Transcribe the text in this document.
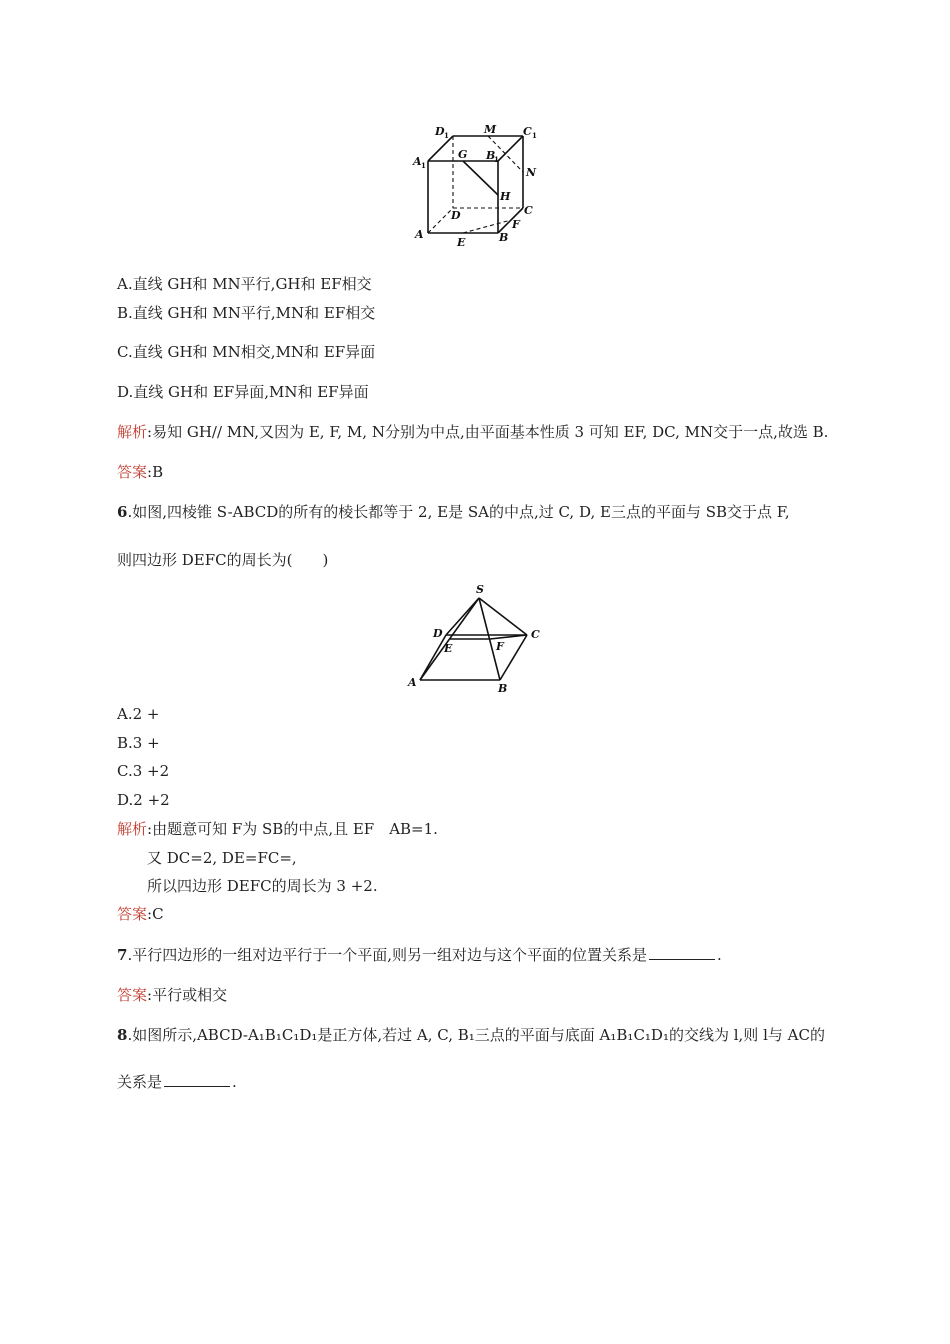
D 1	M C 1
A 1
G B
1
N
H
D	C
F
A	B
E
A.直线 GH和 MN平行,GH和 EF相交
B.直线 GH和 MN平行,MN和 EF相交
C.直线 GH和 MN相交,MN和 EF异面
D.直线 GH和 EF异面,MN和 EF异面
解析:易知 GH// MN,又因为 E, F, M, N分别为中点,由平面基本性质 3 可知 EF, DC, MN交于一点,故选 B.
答案:B
6.如图,四棱锥 S-ABCD的所有的棱长都等于 2, E是 SA的中点,过 C, D, E三点的平面与 SB交于点 F,
则四边形 DEFC的周长为(　　)
S
D
E	F
C
A	B
A.2 +
B.3 +
C.3 +2
D.2 +2
解析:由题意可知 F为 SB的中点,且 EF　AB=1.
又 DC=2, DE=FC=,
所以四边形 DEFC的周长为 3 +2.
答案:C
7.平行四边形的一组对边平行于一个平面,则另一组对边与这个平面的位置关系是	.
答案:平行或相交
8.如图所示,ABCD-A₁B₁C₁D₁是正方体,若过 A, C, B₁三点的平面与底面 A₁B₁C₁D₁的交线为 l,则 l与 AC的
关系是	.
